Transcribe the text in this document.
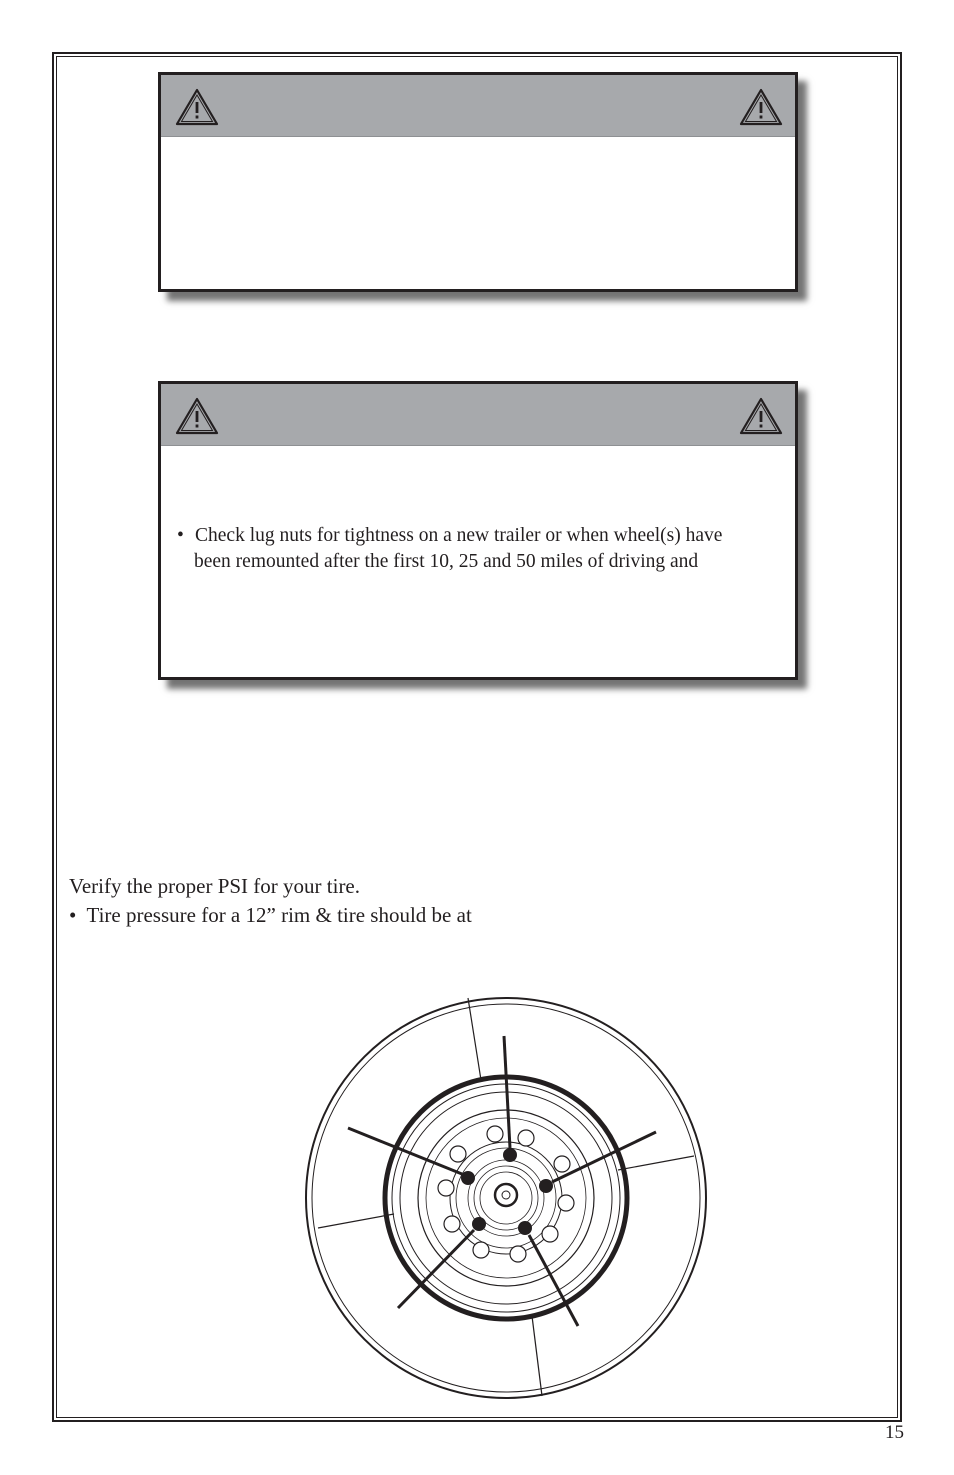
• Check lug nuts for tightness on a new trailer or when wheel(s) have
been remounted after the first 10, 25 and 50 miles of driving and
Verify the proper PSI for your tire.
• Tire pressure for a 12” rim & tire should be at
15
